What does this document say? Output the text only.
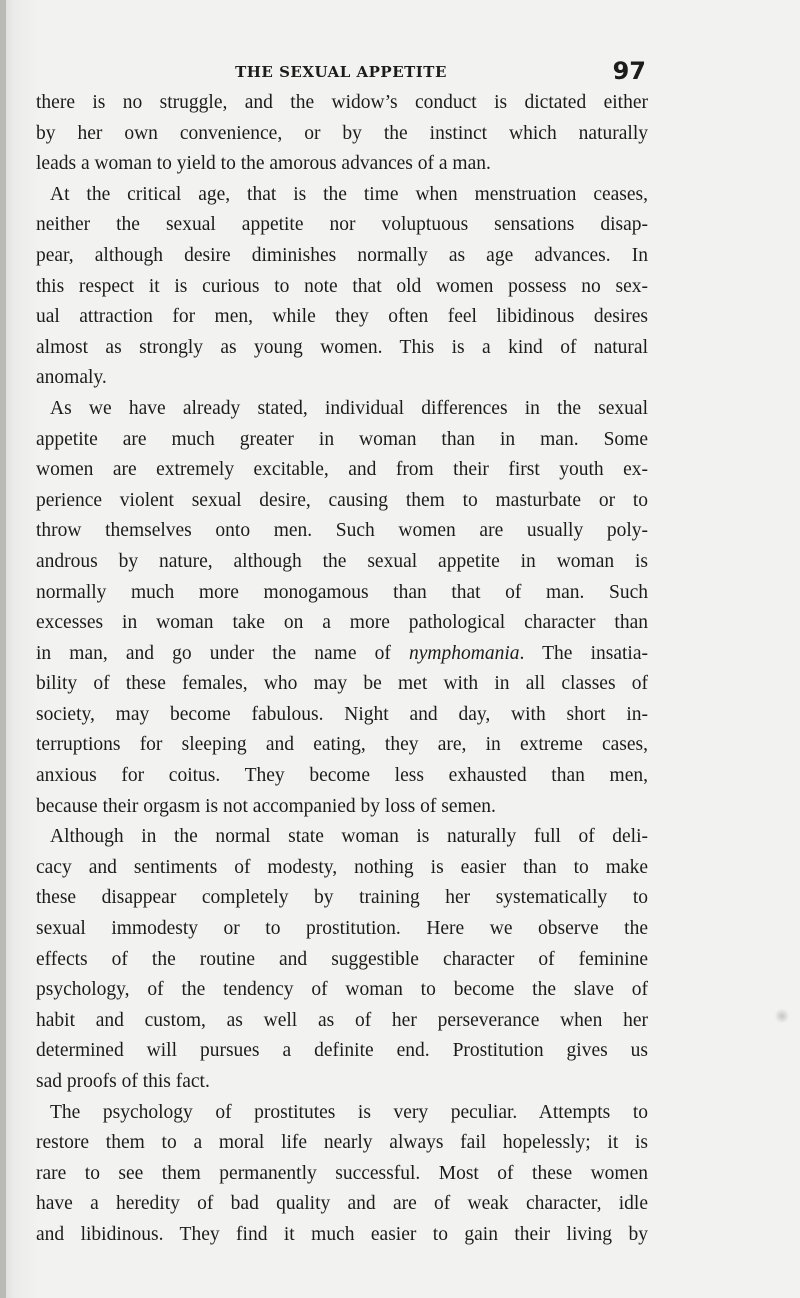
THE SEXUAL APPETITE	97
there is no struggle, and the widow’s conduct is dictated either
by her own convenience, or by the instinct which naturally
leads a woman to yield to the amorous advances of a man.
At the critical age, that is the time when menstruation ceases,
neither the sexual appetite nor voluptuous sensations disap-
pear, although desire diminishes normally as age advances. In
this respect it is curious to note that old women possess no sex-
ual attraction for men, while they often feel libidinous desires
almost as strongly as young women. This is a kind of natural
anomaly.
As we have already stated, individual differences in the sexual
appetite are much greater in woman than in man. Some
women are extremely excitable, and from their first youth ex-
perience violent sexual desire, causing them to masturbate or to
throw themselves onto men. Such women are usually poly-
androus by nature, although the sexual appetite in woman is
normally much more monogamous than that of man. Such
excesses in woman take on a more pathological character than
in man, and go under the name of nymphomania. The insatia-
bility of these females, who may be met with in all classes of
society, may become fabulous. Night and day, with short in-
terruptions for sleeping and eating, they are, in extreme cases,
anxious for coitus. They become less exhausted than men,
because their orgasm is not accompanied by loss of semen.
Although in the normal state woman is naturally full of deli-
cacy and sentiments of modesty, nothing is easier than to make
these disappear completely by training her systematically to
sexual immodesty or to prostitution. Here we observe the
effects of the routine and suggestible character of feminine
psychology, of the tendency of woman to become the slave of
habit and custom, as well as of her perseverance when her
determined will pursues a definite end. Prostitution gives us
sad proofs of this fact.
The psychology of prostitutes is very peculiar. Attempts to
restore them to a moral life nearly always fail hopelessly; it is
rare to see them permanently successful. Most of these women
have a heredity of bad quality and are of weak character, idle
and libidinous. They find it much easier to gain their living by
